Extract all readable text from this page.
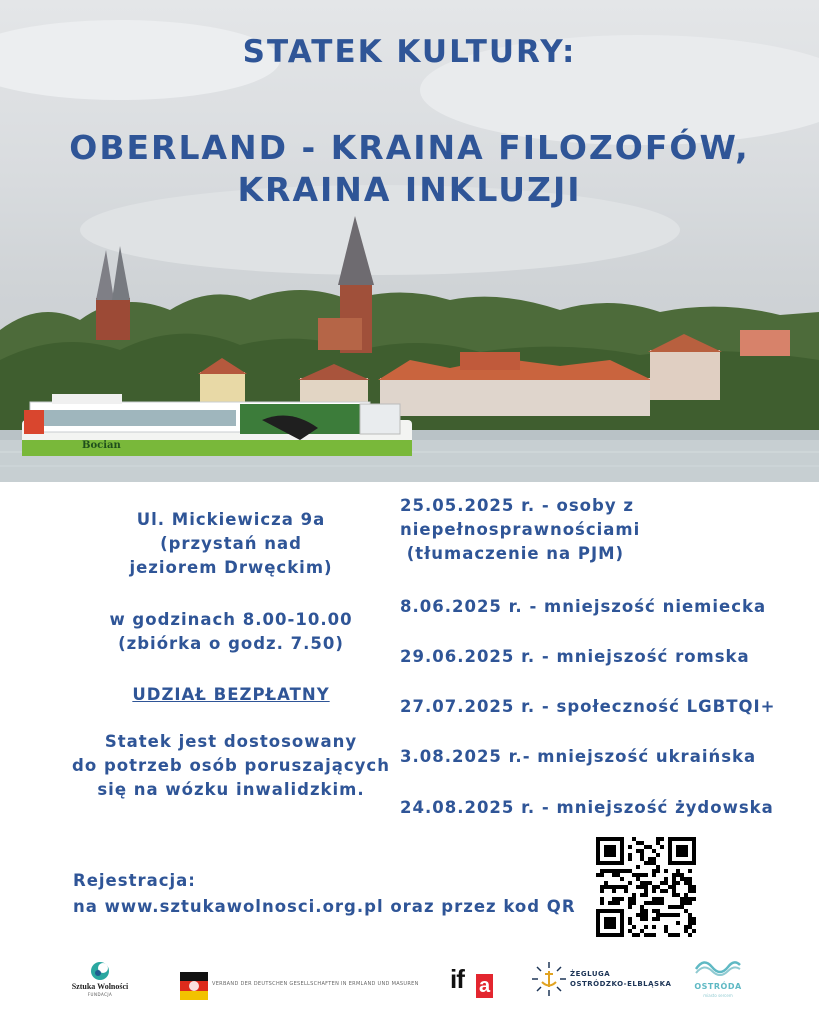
STATEK KULTURY:
OBERLAND - KRAINA FILOZOFÓW,
KRAINA INKLUZJI
Bocian
Ul. Mickiewicza 9a
(przystań nad
jeziorem Drwęckim)
w godzinach 8.00-10.00
(zbiórka o godz. 7.50)
UDZIAŁ BEZPŁATNY
Statek jest dostosowany
do potrzeb osób poruszających
się na wózku inwalidzkim.
25.05.2025 r. - osoby z
niepełnosprawnościami
(tłumaczenie na PJM)
8.06.2025 r. - mniejszość niemiecka
29.06.2025 r. - mniejszość romska
27.07.2025 r. - społeczność LGBTQI+
3.08.2025 r.- mniejszość ukraińska
24.08.2025 r. - mniejszość żydowska
Rejestracja:
na www.sztukawolnosci.org.pl oraz przez kod QR
Sztuka Wolności
FUNDACJA
VERBAND DER DEUTSCHEN GESELLSCHAFTEN IN ERMLAND UND MASUREN if a
ŻEGLUGA
OSTRÓDZKO-ELBLĄSKA	OSTRÓDA
miasto sercem
